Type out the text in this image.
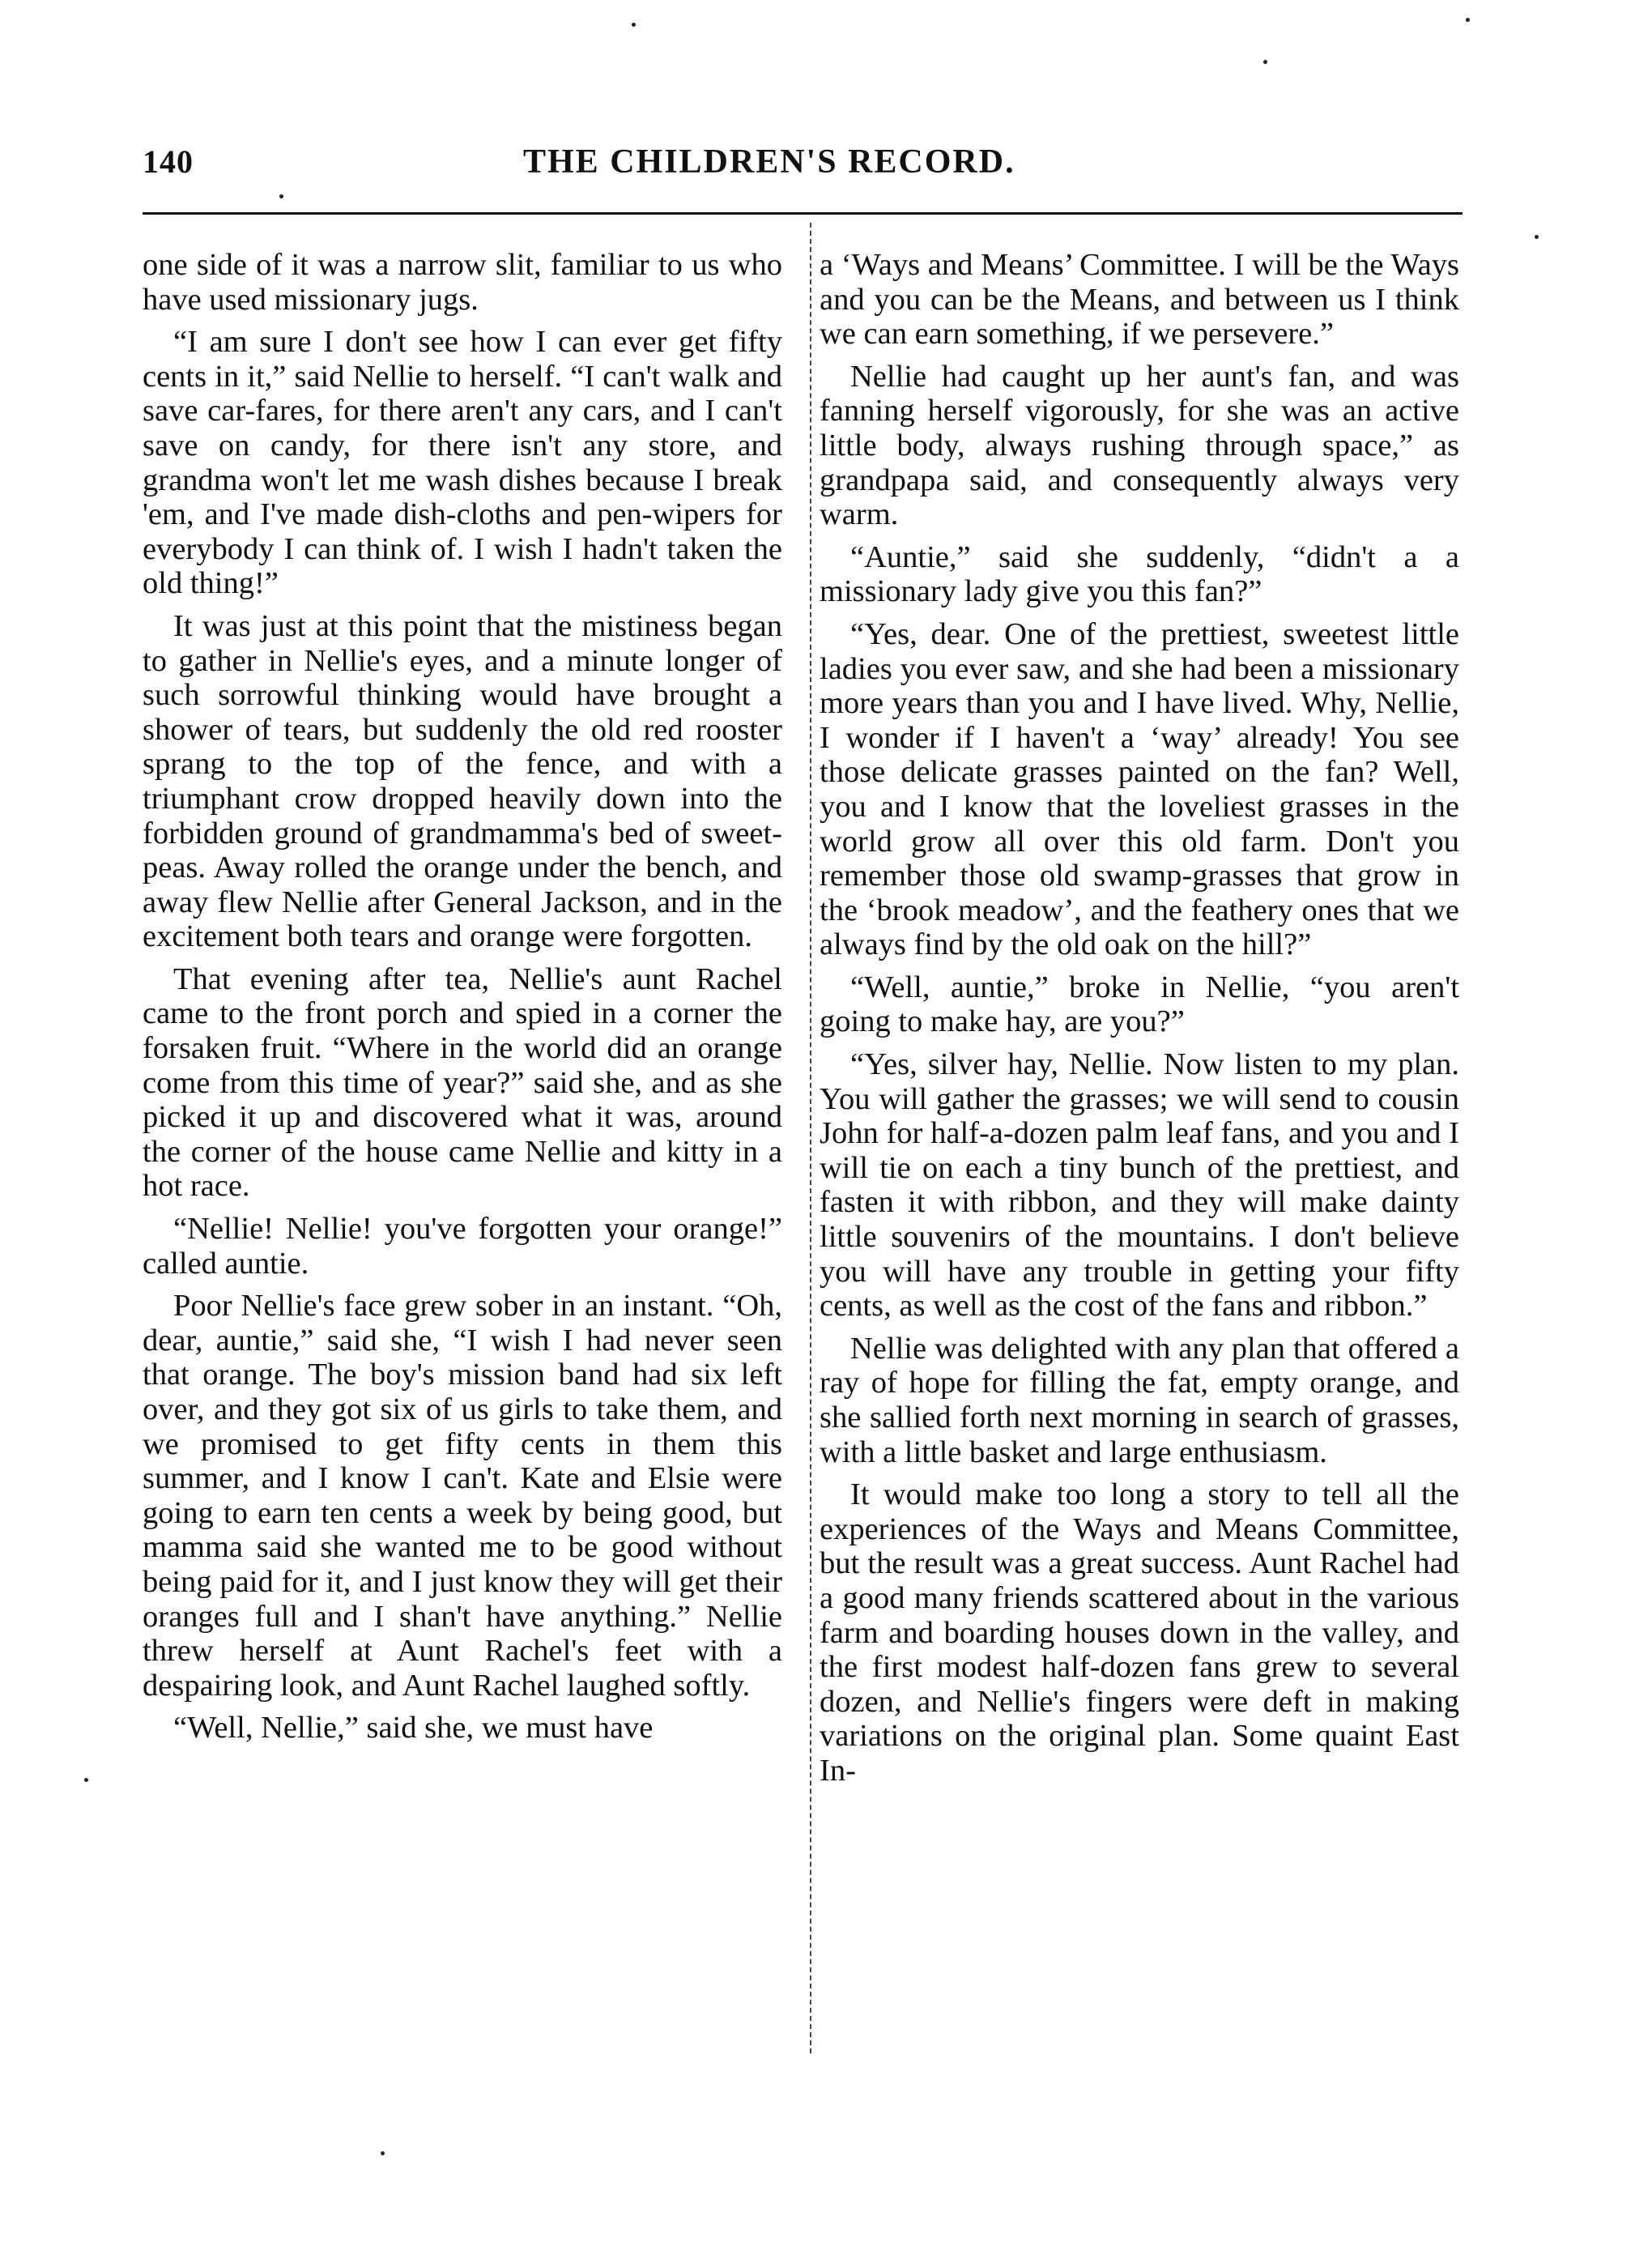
140	THE CHILDREN'S RECORD.

one side of it was a narrow slit, familiar to us who have used missionary jugs.

“I am sure I don't see how I can ever get fifty cents in it,” said Nellie to herself. “I can't walk and save car-fares, for there aren't any cars, and I can't save on candy, for there isn't any store, and grandma won't let me wash dishes because I break 'em, and I've made dish-cloths and pen-wipers for everybody I can think of. I wish I hadn't taken the old thing!”

It was just at this point that the mistiness began to gather in Nellie's eyes, and a minute longer of such sorrowful thinking would have brought a shower of tears, but suddenly the old red rooster sprang to the top of the fence, and with a triumphant crow dropped heavily down into the forbidden ground of grandmamma's bed of sweet-peas. Away rolled the orange under the bench, and away flew Nellie after General Jackson, and in the excitement both tears and orange were forgotten.

That evening after tea, Nellie's aunt Rachel came to the front porch and spied in a corner the forsaken fruit. “Where in the world did an orange come from this time of year?” said she, and as she picked it up and discovered what it was, around the corner of the house came Nellie and kitty in a hot race.

“Nellie! Nellie! you've forgotten your orange!” called auntie.

Poor Nellie's face grew sober in an instant. “Oh, dear, auntie,” said she, “I wish I had never seen that orange. The boy's mission band had six left over, and they got six of us girls to take them, and we promised to get fifty cents in them this summer, and I know I can't. Kate and Elsie were going to earn ten cents a week by being good, but mamma said she wanted me to be good without being paid for it, and I just know they will get their oranges full and I shan't have anything.” Nellie threw herself at Aunt Rachel's feet with a despairing look, and Aunt Rachel laughed softly.

“Well, Nellie,” said she, we must have

a ‘Ways and Means’ Committee. I will be the Ways and you can be the Means, and between us I think we can earn something, if we persevere.”

Nellie had caught up her aunt's fan, and was fanning herself vigorously, for she was an active little body, always rushing through space,” as grandpapa said, and consequently always very warm.

“Auntie,” said she suddenly, “didn't a a missionary lady give you this fan?”

“Yes, dear. One of the prettiest, sweetest little ladies you ever saw, and she had been a missionary more years than you and I have lived. Why, Nellie, I wonder if I haven't a ‘way’ already! You see those delicate grasses painted on the fan? Well, you and I know that the loveliest grasses in the world grow all over this old farm. Don't you remember those old swamp-grasses that grow in the ‘brook meadow’, and the feathery ones that we always find by the old oak on the hill?”

“Well, auntie,” broke in Nellie, “you aren't going to make hay, are you?”

“Yes, silver hay, Nellie. Now listen to my plan. You will gather the grasses; we will send to cousin John for half-a-dozen palm leaf fans, and you and I will tie on each a tiny bunch of the prettiest, and fasten it with ribbon, and they will make dainty little souvenirs of the mountains. I don't believe you will have any trouble in getting your fifty cents, as well as the cost of the fans and ribbon.”

Nellie was delighted with any plan that offered a ray of hope for filling the fat, empty orange, and she sallied forth next morning in search of grasses, with a little basket and large enthusiasm.

It would make too long a story to tell all the experiences of the Ways and Means Committee, but the result was a great success. Aunt Rachel had a good many friends scattered about in the various farm and boarding houses down in the valley, and the first modest half-dozen fans grew to several dozen, and Nellie's fingers were deft in making variations on the original plan. Some quaint East In-
